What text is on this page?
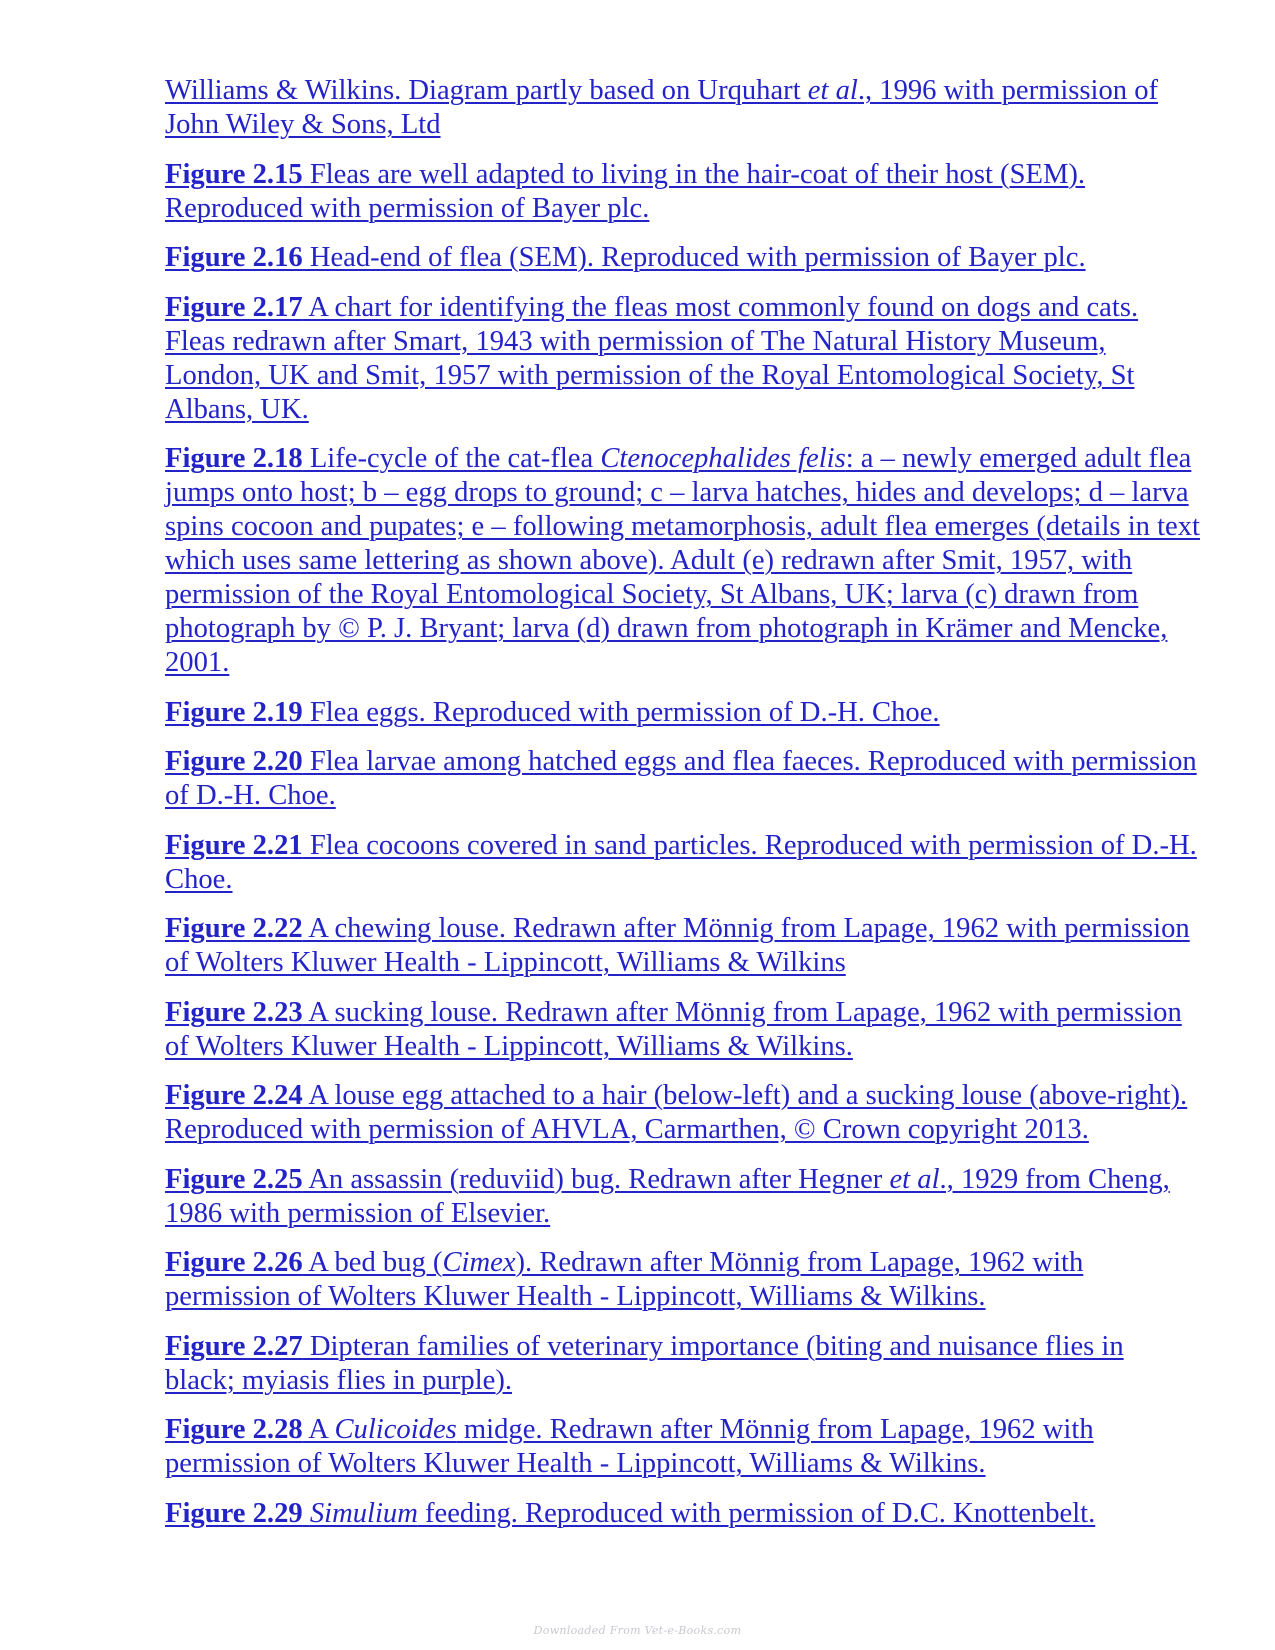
Williams & Wilkins. Diagram partly based on Urquhart et al., 1996 with permission of John Wiley & Sons, Ltd

Figure 2.15 Fleas are well adapted to living in the hair-coat of their host (SEM). Reproduced with permission of Bayer plc.

Figure 2.16 Head-end of flea (SEM). Reproduced with permission of Bayer plc.

Figure 2.17 A chart for identifying the fleas most commonly found on dogs and cats. Fleas redrawn after Smart, 1943 with permission of The Natural History Museum, London, UK and Smit, 1957 with permission of the Royal Entomological Society, St Albans, UK.

Figure 2.18 Life-cycle of the cat-flea Ctenocephalides felis: a – newly emerged adult flea jumps onto host; b – egg drops to ground; c – larva hatches, hides and develops; d – larva spins cocoon and pupates; e – following metamorphosis, adult flea emerges (details in text which uses same lettering as shown above). Adult (e) redrawn after Smit, 1957, with permission of the Royal Entomological Society, St Albans, UK; larva (c) drawn from photograph by © P. J. Bryant; larva (d) drawn from photograph in Krämer and Mencke, 2001.

Figure 2.19 Flea eggs. Reproduced with permission of D.-H. Choe.

Figure 2.20 Flea larvae among hatched eggs and flea faeces. Reproduced with permission of D.-H. Choe.

Figure 2.21 Flea cocoons covered in sand particles. Reproduced with permission of D.-H. Choe.

Figure 2.22 A chewing louse. Redrawn after Mönnig from Lapage, 1962 with permission of Wolters Kluwer Health - Lippincott, Williams & Wilkins

Figure 2.23 A sucking louse. Redrawn after Mönnig from Lapage, 1962 with permission of Wolters Kluwer Health - Lippincott, Williams & Wilkins.

Figure 2.24 A louse egg attached to a hair (below-left) and a sucking louse (above-right). Reproduced with permission of AHVLA, Carmarthen, © Crown copyright 2013.

Figure 2.25 An assassin (reduviid) bug. Redrawn after Hegner et al., 1929 from Cheng, 1986 with permission of Elsevier.

Figure 2.26 A bed bug (Cimex). Redrawn after Mönnig from Lapage, 1962 with permission of Wolters Kluwer Health - Lippincott, Williams & Wilkins.

Figure 2.27 Dipteran families of veterinary importance (biting and nuisance flies in black; myiasis flies in purple).

Figure 2.28 A Culicoides midge. Redrawn after Mönnig from Lapage, 1962 with permission of Wolters Kluwer Health - Lippincott, Williams & Wilkins.

Figure 2.29 Simulium feeding. Reproduced with permission of D.C. Knottenbelt.

Downloaded From Vet-e-Books.com
